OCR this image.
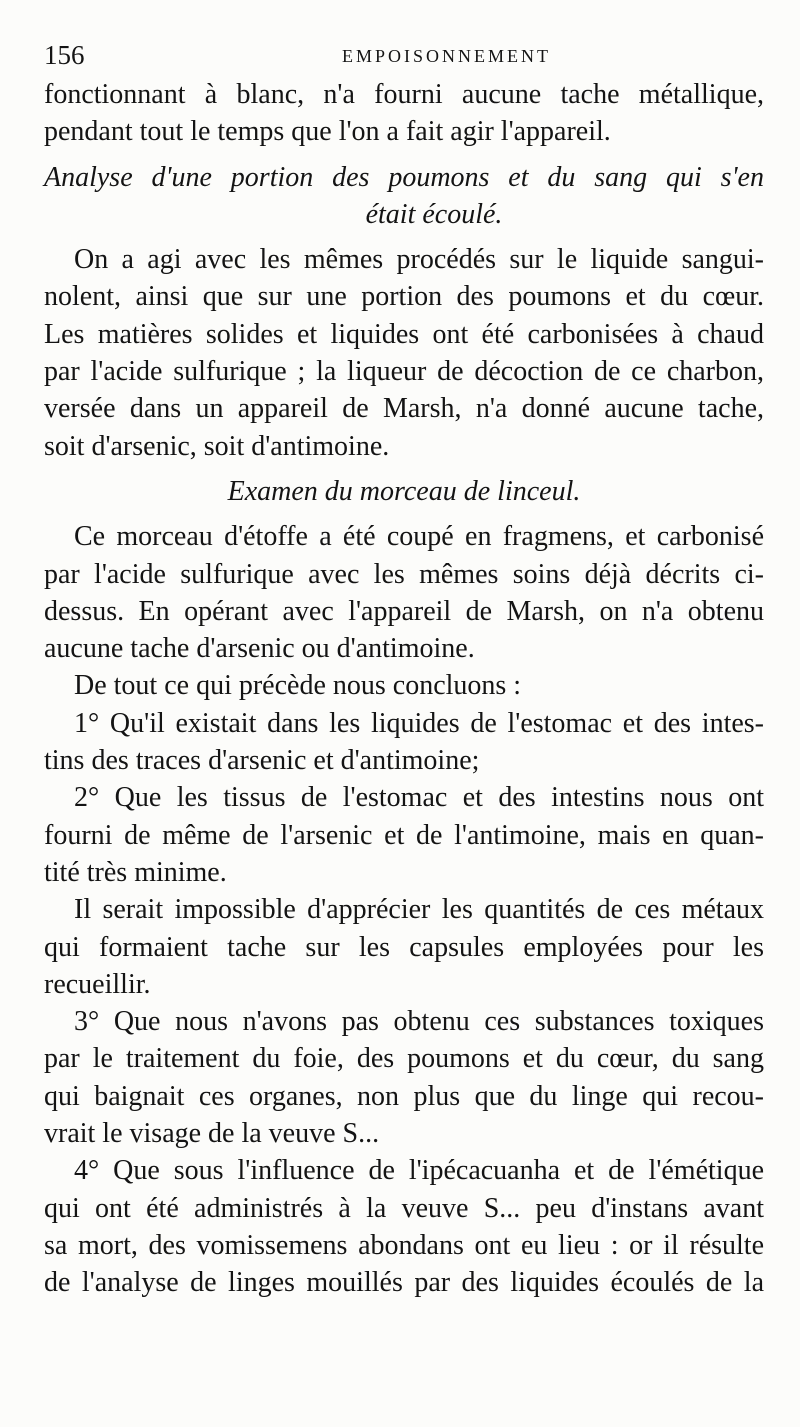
156	EMPOISONNEMENT
fonctionnant à blanc, n'a fourni aucune tache métallique,
pendant tout le temps que l'on a fait agir l'appareil.
Analyse d'une portion des poumons et du sang qui s'en
était écoulé.
On a agi avec les mêmes procédés sur le liquide sangui-
nolent, ainsi que sur une portion des poumons et du cœur.
Les matières solides et liquides ont été carbonisées à chaud
par l'acide sulfurique ; la liqueur de décoction de ce charbon,
versée dans un appareil de Marsh, n'a donné aucune tache,
soit d'arsenic, soit d'antimoine.
Examen du morceau de linceul.
Ce morceau d'étoffe a été coupé en fragmens, et carbonisé
par l'acide sulfurique avec les mêmes soins déjà décrits ci-
dessus. En opérant avec l'appareil de Marsh, on n'a obtenu
aucune tache d'arsenic ou d'antimoine.
De tout ce qui précède nous concluons :
1° Qu'il existait dans les liquides de l'estomac et des intes-
tins des traces d'arsenic et d'antimoine;
2° Que les tissus de l'estomac et des intestins nous ont
fourni de même de l'arsenic et de l'antimoine, mais en quan-
tité très minime.
Il serait impossible d'apprécier les quantités de ces métaux
qui formaient tache sur les capsules employées pour les
recueillir.
3° Que nous n'avons pas obtenu ces substances toxiques
par le traitement du foie, des poumons et du cœur, du sang
qui baignait ces organes, non plus que du linge qui recou-
vrait le visage de la veuve S...
4° Que sous l'influence de l'ipécacuanha et de l'émétique
qui ont été administrés à la veuve S... peu d'instans avant
sa mort, des vomissemens abondans ont eu lieu : or il résulte
de l'analyse de linges mouillés par des liquides écoulés de la
